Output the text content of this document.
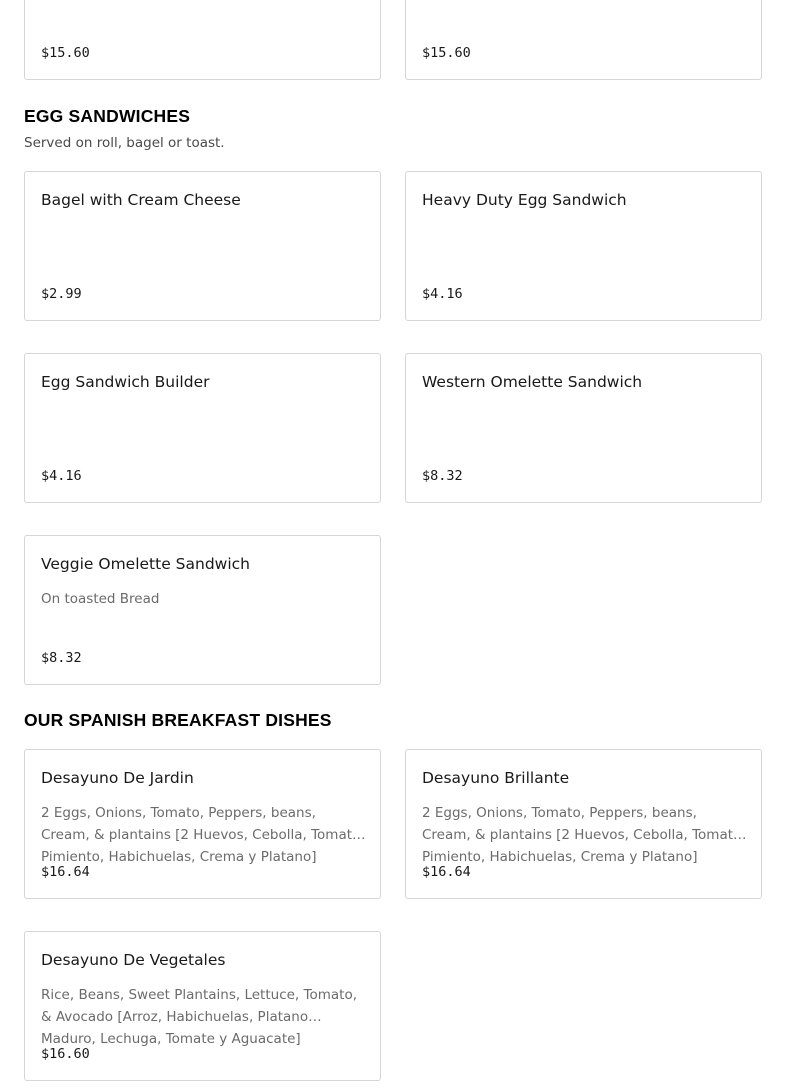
$15.60	$15.60
EGG SANDWICHES
Served on roll, bagel or toast.
Bagel with Cream Cheese
$2.99
Heavy Duty Egg Sandwich
$4.16
Egg Sandwich Builder
$4.16
Western Omelette Sandwich
$8.32
Veggie Omelette Sandwich
On toasted Bread
$8.32
OUR SPANISH BREAKFAST DISHES
Desayuno De Jardin
2 Eggs, Onions, Tomato, Peppers, beans, Cream, & plantains [2 Huevos, Cebolla, Tomate, Pimiento, Habichuelas, Crema y Platano]
$16.64
Desayuno Brillante
2 Eggs, Onions, Tomato, Peppers, beans, Cream, & plantains [2 Huevos, Cebolla, Tomate, Pimiento, Habichuelas, Crema y Platano]
$16.64
Desayuno De Vegetales
Rice, Beans, Sweet Plantains, Lettuce, Tomato, & Avocado [Arroz, Habichuelas, Platano Maduro, Lechuga, Tomate y Aguacate]
$16.60
